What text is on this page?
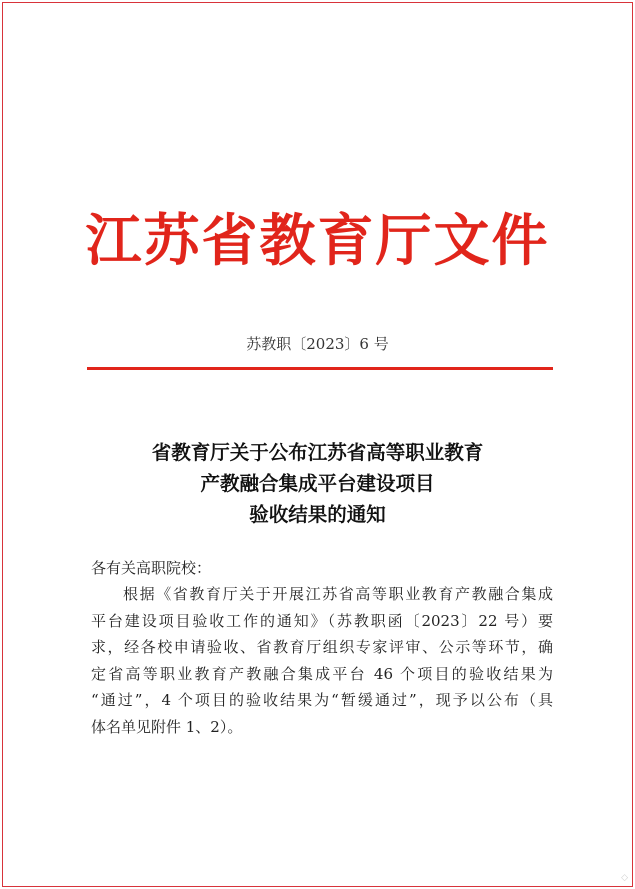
江苏省教育厅文件
苏教职〔2023〕6 号
省教育厅关于公布江苏省高等职业教育
产教融合集成平台建设项目
验收结果的通知
各有关高职院校：
根据《省教育厅关于开展江苏省高等职业教育产教融合集成
平台建设项目验收工作的通知》（苏教职函〔2023〕22 号）要
求，经各校申请验收、省教育厅组织专家评审、公示等环节，确
定省高等职业教育产教融合集成平台 46 个项目的验收结果为
“通过”，4 个项目的验收结果为“暂缓通过”，现予以公布（具
体名单见附件 1、2）。
◇
